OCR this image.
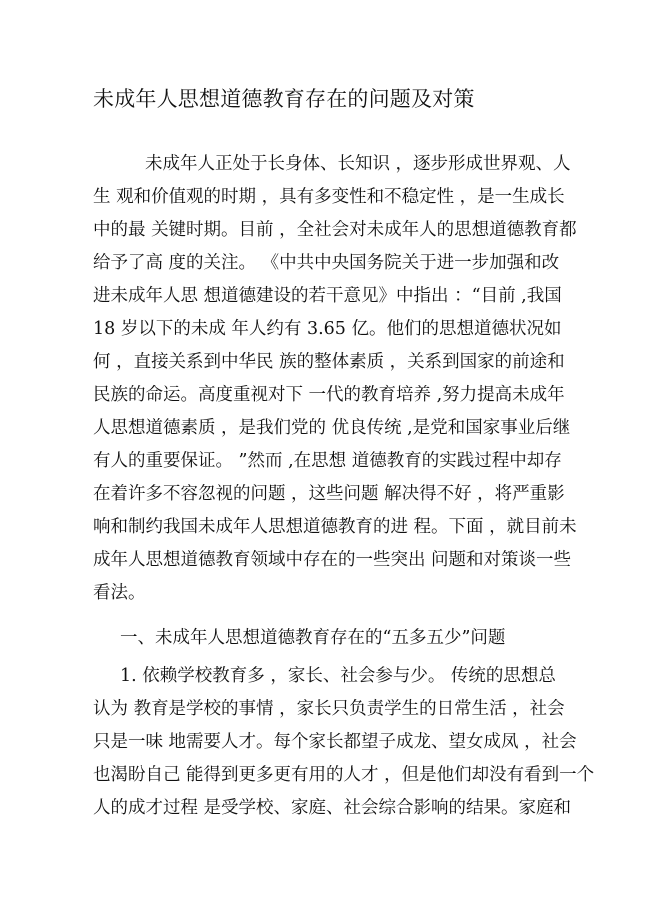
未成年人思想道德教育存在的问题及对策
未成年人正处于长身体、长知识 ，逐步形成世界观、人
生 观和价值观的时期 ，具有多变性和不稳定性 ，是一生成长
中的最 关键时期。目前 ，全社会对未成年人的思想道德教育都
给予了高 度的关注。 《中共中央国务院关于进一步加强和改
进未成年人思 想道德建设的若干意见》中指出 ：“目前 ,我国
18 岁以下的未成 年人约有 3.65 亿。他们的思想道德状况如
何 ，直接关系到中华民 族的整体素质 ，关系到国家的前途和
民族的命运。高度重视对下 一代的教育培养 ,努力提高未成年
人思想道德素质 ，是我们党的 优良传统 ,是党和国家事业后继
有人的重要保证。 ”然而 ,在思想 道德教育的实践过程中却存
在着许多不容忽视的问题 ，这些问题 解决得不好 ，将严重影
响和制约我国未成年人思想道德教育的进 程。下面 ，就目前未
成年人思想道德教育领域中存在的一些突出 问题和对策谈一些
看法。
一、未成年人思想道德教育存在的“五多五少”问题
1. 依赖学校教育多 ，家长、社会参与少。 传统的思想总
认为 教育是学校的事情 ，家长只负责学生的日常生活 ，社会
只是一味 地需要人才。每个家长都望子成龙、望女成凤 ，社会
也渴盼自己 能得到更多更有用的人才 ，但是他们却没有看到一个
人的成才过程 是受学校、家庭、社会综合影响的结果。家庭和
